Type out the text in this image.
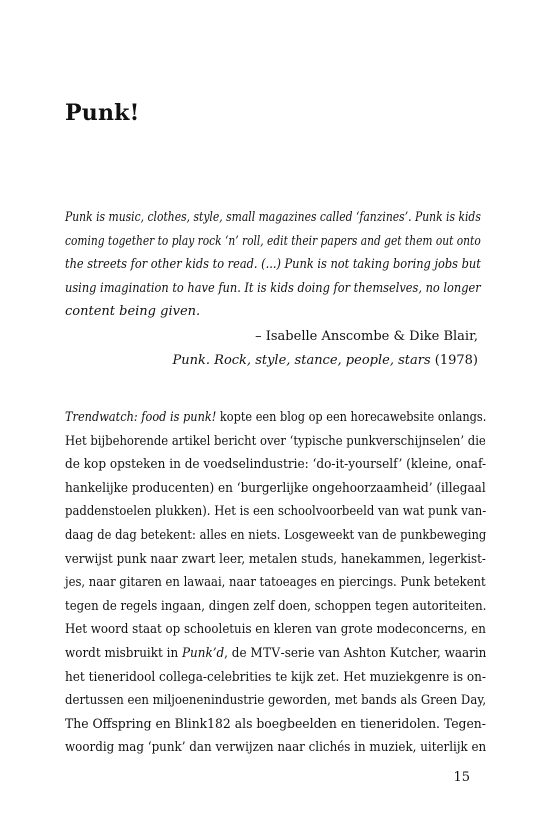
Punk!
Punk is music, clothes, style, small magazines called ‘fanzines’. Punk is kids
coming together to play rock ‘n’ roll, edit their papers and get them out onto
the streets for other kids to read. (...) Punk is not taking boring jobs but
using imagination to have fun. It is kids doing for themselves, no longer
content being given.
– Isabelle Anscombe & Dike Blair,
Punk. Rock, style, stance, people, stars (1978)
Trendwatch: food is punk! kopte een blog op een horecawebsite onlangs.
Het bijbehorende artikel bericht over ‘typische punkverschijnselen’ die
de kop opsteken in de voedselindustrie: ‘do-it-yourself’ (kleine, onaf-
hankelijke producenten) en ‘burgerlijke ongehoorzaamheid’ (illegaal
paddenstoelen plukken). Het is een schoolvoorbeeld van wat punk van-
daag de dag betekent: alles en niets. Losgeweekt van de punkbeweging
verwijst punk naar zwart leer, metalen studs, hanekammen, legerkist-
jes, naar gitaren en lawaai, naar tatoeages en piercings. Punk betekent
tegen de regels ingaan, dingen zelf doen, schoppen tegen autoriteiten.
Het woord staat op schooletuis en kleren van grote modeconcerns, en
wordt misbruikt in Punk’d, de MTV-serie van Ashton Kutcher, waarin
het tieneridool collega-celebrities te kijk zet. Het muziekgenre is on-
dertussen een miljoenenindustrie geworden, met bands als Green Day,
The Offspring en Blink182 als boegbeelden en tieneridolen. Tegen-
woordig mag ‘punk’ dan verwijzen naar clichés in muziek, uiterlijk en
15
